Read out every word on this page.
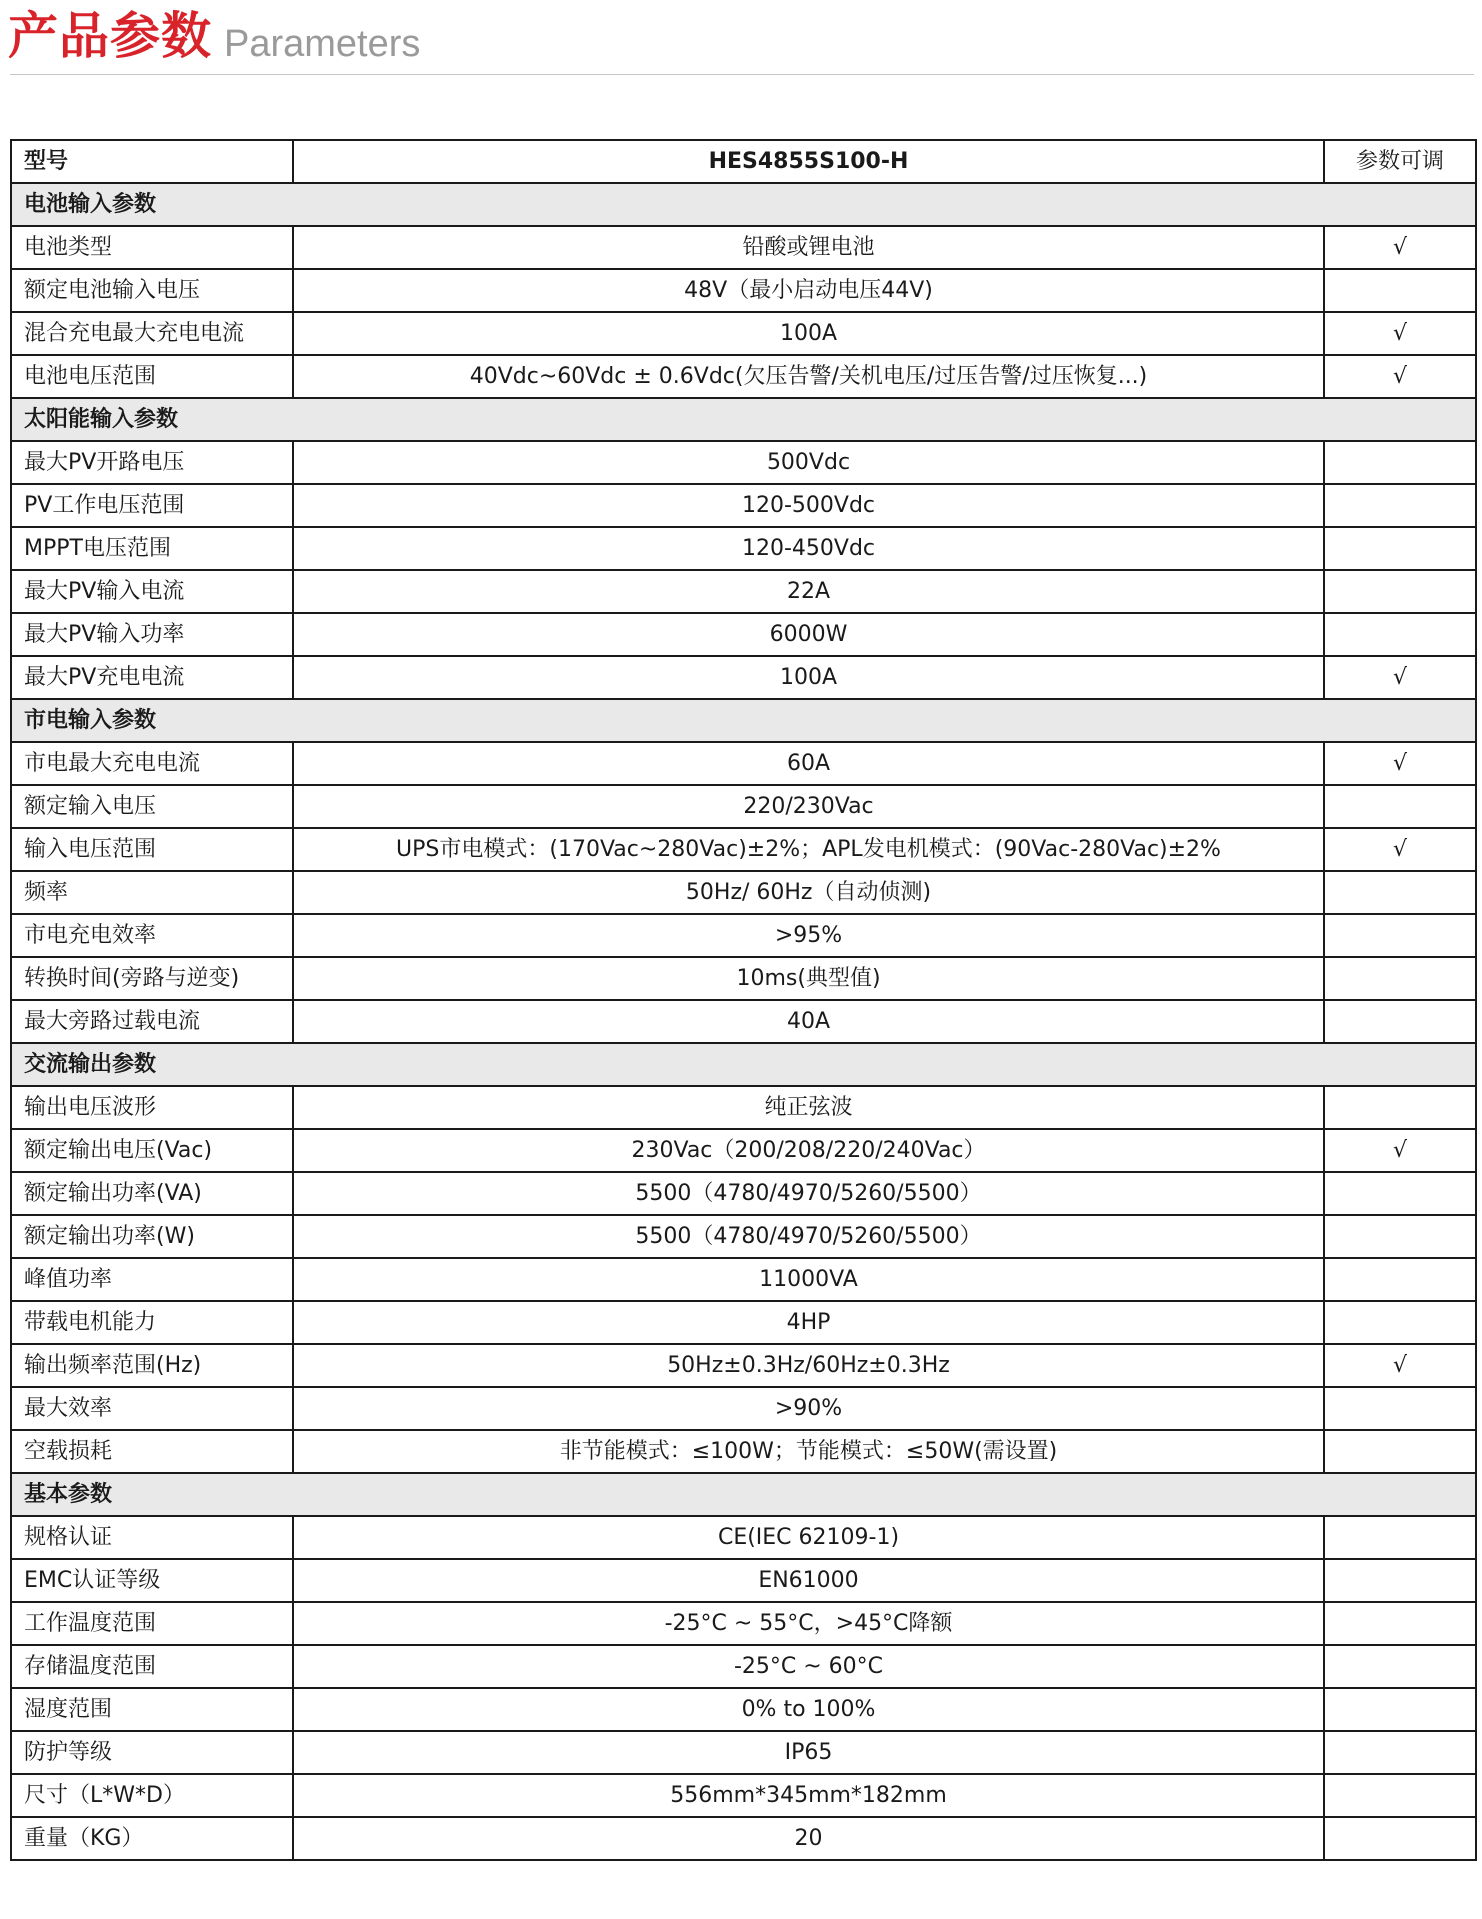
产品参数 Parameters
型号	HES4855S100-H	参数可调
电池输入参数		
电池类型	铅酸或锂电池	√
额定电池输入电压	48V（最小启动电压44V)	
混合充电最大充电电流	100A	√
电池电压范围	40Vdc~60Vdc ± 0.6Vdc(欠压告警/关机电压/过压告警/过压恢复...)	√
太阳能输入参数		
最大PV开路电压	500Vdc	
PV工作电压范围	120-500Vdc	
MPPT电压范围	120-450Vdc	
最大PV输入电流	22A	
最大PV输入功率	6000W	
最大PV充电电流	100A	√
市电输入参数		
市电最大充电电流	60A	√
额定输入电压	220/230Vac	
输入电压范围	UPS市电模式：(170Vac~280Vac)±2%；APL发电机模式：(90Vac-280Vac)±2%	√
频率	50Hz/ 60Hz（自动侦测)	
市电充电效率	>95%	
转换时间(旁路与逆变)	10ms(典型值)	
最大旁路过载电流	40A	
交流输出参数		
输出电压波形	纯正弦波	
额定输出电压(Vac)	230Vac（200/208/220/240Vac）	√
额定输出功率(VA)	5500（4780/4970/5260/5500）	
额定输出功率(W)	5500（4780/4970/5260/5500）	
峰值功率	11000VA	
带载电机能力	4HP	
输出频率范围(Hz)	50Hz±0.3Hz/60Hz±0.3Hz	√
最大效率	>90%	
空载损耗	非节能模式：≤100W；节能模式：≤50W(需设置)	
基本参数		
规格认证	CE(IEC 62109-1)	
EMC认证等级	EN61000	
工作温度范围	-25°C ~ 55°C，>45°C降额	
存储温度范围	-25°C ~ 60°C	
湿度范围	0% to 100%	
防护等级	IP65	
尺寸（L*W*D）	556mm*345mm*182mm	
重量（KG）	20	
